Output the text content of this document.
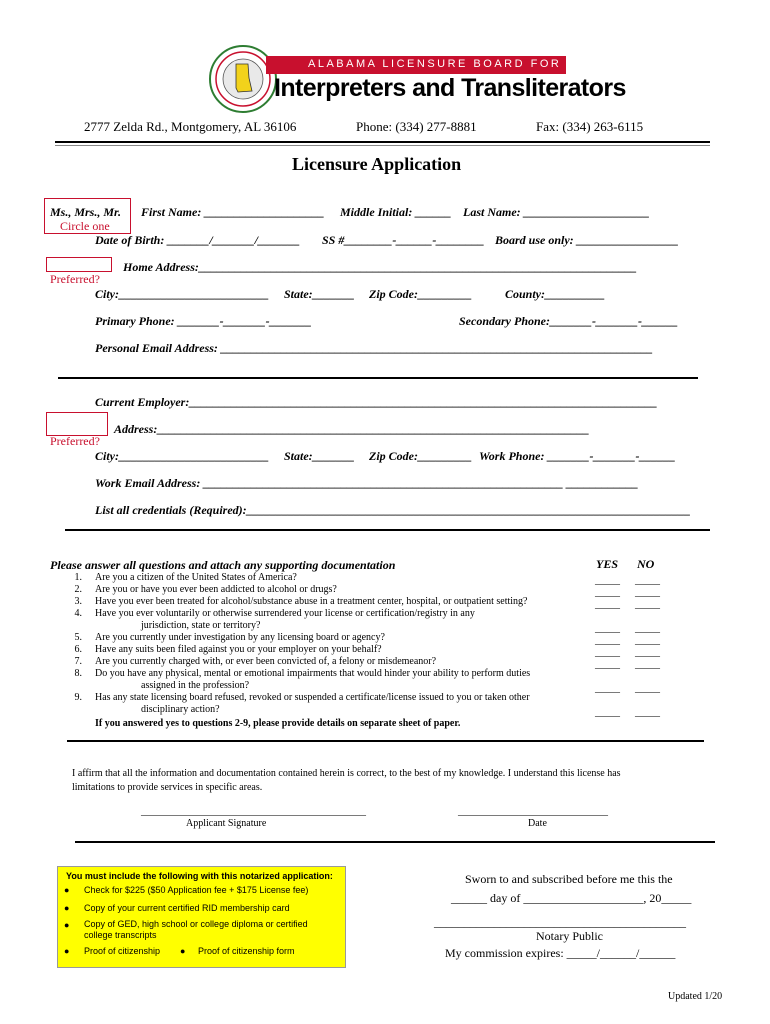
ALABAMA LICENSURE BOARD FOR
Interpreters and Transliterators
2777 Zelda Rd., Montgomery, AL 36106	Phone: (334) 277-8881	Fax: (334) 263-6115
Licensure Application
Ms., Mrs., Mr.
Circle one
First Name: ____________________ Middle Initial: ______ Last Name: _____________________
Date of Birth: _______/_______/_______ SS #________-______-________ Board use only: _________________
Preferred?
Home Address:_________________________________________________________________________
City:_________________________ State:_______ Zip Code:_________	County:__________
Primary Phone: _______-_______-_______	Secondary Phone:_______-_______-______
Personal Email Address: ________________________________________________________________________
Current Employer:______________________________________________________________________________
Address:________________________________________________________________________
Preferred?
City:_________________________ State:_______ Zip Code:_________ Work Phone: _______-_______-______
Work Email Address: ____________________________________________________________ ____________
List all credentials (Required):__________________________________________________________________________
Please answer all questions and attach any supporting documentation	YES NO
1. Are you a citizen of the United States of America?	_____ _____
2. Are you or have you ever been addicted to alcohol or drugs?	_____ _____
3. Have you ever been treated for alcohol/substance abuse in a treatment center, hospital, or outpatient setting?	_____ _____
4. Have you ever voluntarily or otherwise surrendered your license or certification/registry in any
jurisdiction, state or territory?	_____ _____
5. Are you currently under investigation by any licensing board or agency?	_____ _____
6. Have any suits been filed against you or your employer on your behalf?	_____ _____
7. Are you currently charged with, or ever been convicted of, a felony or misdemeanor?	_____ _____
8. Do you have any physical, mental or emotional impairments that would hinder your ability to perform duties
assigned in the profession?	_____ _____
9. Has any state licensing board refused, revoked or suspended a certificate/license issued to you or taken other
disciplinary action?	_____ _____
If you answered yes to questions 2-9, please provide details on separate sheet of paper.
I affirm that all the information and documentation contained herein is correct, to the best of my knowledge. I understand this license has
limitations to provide services in specific areas.
_____________________________________________	______________________________
Applicant Signature	Date
You must include the following with this notarized application:
● Check for $225 ($50 Application fee + $175 License fee)
● Copy of your current certified RID membership card
● Copy of GED, high school or college diploma or certified
college transcripts
● Proof of citizenship ● Proof of citizenship form
Sworn to and subscribed before me this the
______ day of ____________________, 20_____
__________________________________________
Notary Public
My commission expires: _____/______/______
Updated 1/20
